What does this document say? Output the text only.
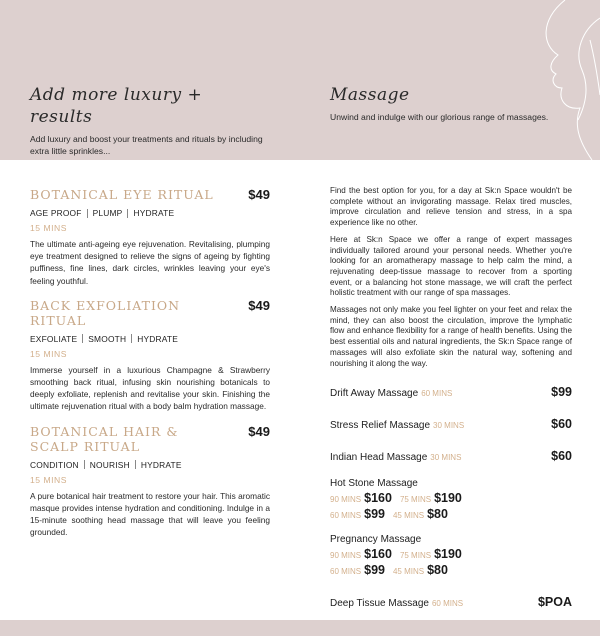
Add more luxury + results
Add luxury and boost your treatments and rituals by including extra little sprinkles...
Massage
Unwind and indulge with our glorious range of massages.
BOTANICAL EYE RITUAL	$49
AGE PROOF PLUMP HYDRATE
15 MINS
The ultimate anti-ageing eye rejuvenation. Revitalising, plumping eye treatment designed to relieve the signs of ageing by fighting puffiness, fine lines, dark circles, wrinkles leaving your eye's feeling youthful.
BACK EXFOLIATION RITUAL
$49
EXFOLIATE SMOOTH HYDRATE
15 MINS
Immerse yourself in a luxurious Champagne & Strawberry smoothing back ritual, infusing skin nourishing botanicals to deeply exfoliate, replenish and revitalise your skin. Finishing the ultimate rejuvenation ritual with a body balm hydration massage.
BOTANICAL HAIR & SCALP RITUAL
$49
CONDITION NOURISH HYDRATE
15 MINS
A pure botanical hair treatment to restore your hair. This aromatic masque provides intense hydration and conditioning. Indulge in a 15-minute soothing head massage that will leave you feeling grounded.
Find the best option for you, for a day at Sk:n Space wouldn't be complete without an invigorating massage. Relax tired muscles, improve circulation and relieve tension and stress, in a spa experience like no other.
Here at Sk:n Space we offer a range of expert massages individually tailored around your personal needs. Whether you're looking for an aromatherapy massage to help calm the mind, a rejuvenating deep-tissue massage to recover from a sporting event, or a balancing hot stone massage, we will craft the perfect holistic treatment with our range of spa massages.
Massages not only make you feel lighter on your feet and relax the mind, they can also boost the circulation, improve the lymphatic flow and enhance flexibility for a range of health benefits. Using the best essential oils and natural ingredients, the Sk:n Space range of massages will also exfoliate skin the natural way, softening and nourishing it along the way.
Drift Away Massage 60 MINS	$99
Stress Relief Massage 30 MINS	$60
Indian Head Massage 30 MINS	$60
Hot Stone Massage
90 MINS $160 75 MINS $190
60 MINS $99 45 MINS $80
Pregnancy Massage
90 MINS $160 75 MINS $190
60 MINS $99 45 MINS $80
Deep Tissue Massage 60 MINS	$POA
